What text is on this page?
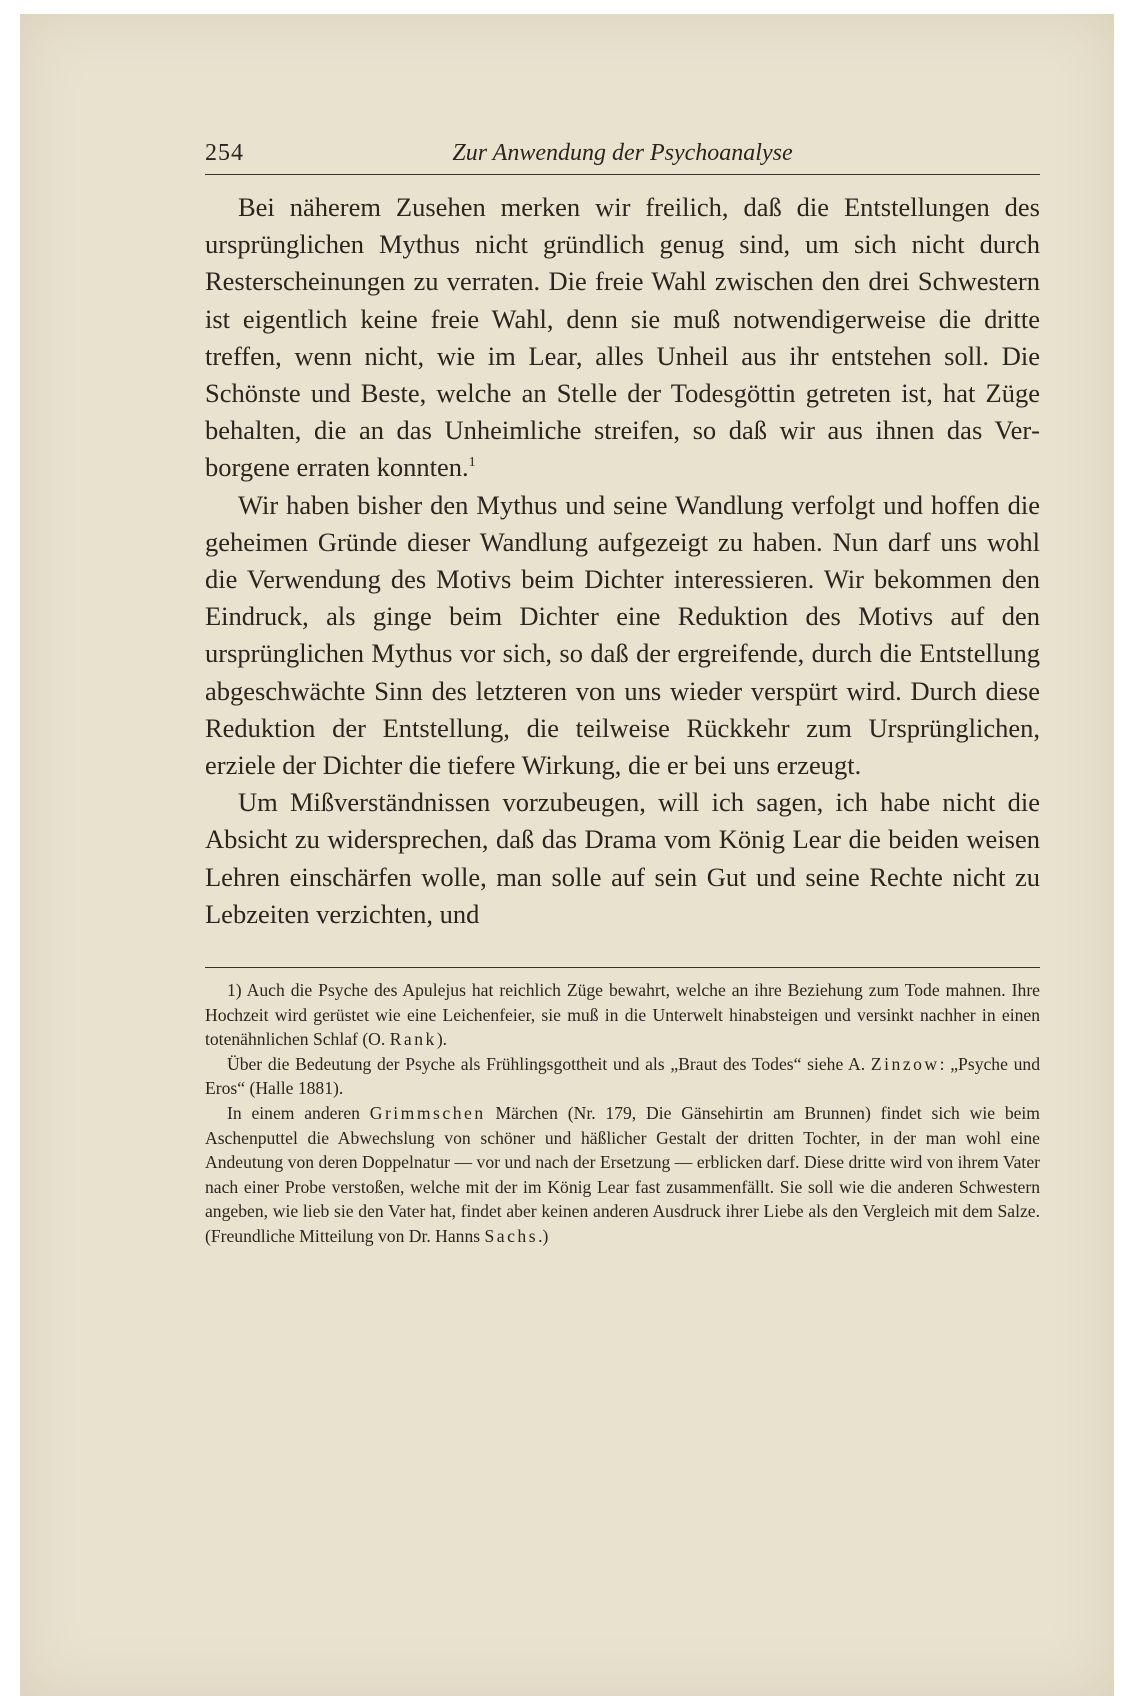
254	Zur Anwendung der Psychoanalyse

Bei näherem Zusehen merken wir freilich, daß die Entstellungen des ursprünglichen Mythus nicht gründlich genug sind, um sich nicht durch Resterscheinungen zu verraten. Die freie Wahl zwischen den drei Schwestern ist eigentlich keine freie Wahl, denn sie muß notwendigerweise die dritte treffen, wenn nicht, wie im Lear, alles Unheil aus ihr entstehen soll. Die Schönste und Beste, welche an Stelle der Todesgöttin getreten ist, hat Züge behalten, die an das Unheimliche streifen, so daß wir aus ihnen das Verborgene erraten konnten.$^1$

Wir haben bisher den Mythus und seine Wandlung verfolgt und hoffen die geheimen Gründe dieser Wandlung aufgezeigt zu haben. Nun darf uns wohl die Verwendung des Motivs beim Dichter interessieren. Wir bekommen den Eindruck, als ginge beim Dichter eine Reduktion des Motivs auf den ursprünglichen Mythus vor sich, so daß der ergreifende, durch die Entstellung abgeschwächte Sinn des letzteren von uns wieder verspürt wird. Durch diese Reduktion der Entstellung, die teilweise Rückkehr zum Ursprünglichen, erziele der Dichter die tiefere Wirkung, die er bei uns erzeugt.

Um Mißverständnissen vorzubeugen, will ich sagen, ich habe nicht die Absicht zu widersprechen, daß das Drama vom König Lear die beiden weisen Lehren einschärfen wolle, man solle auf sein Gut und seine Rechte nicht zu Lebzeiten verzichten, und

1) Auch die Psyche des Apulejus hat reichlich Züge bewahrt, welche an ihre Beziehung zum Tode mahnen. Ihre Hochzeit wird gerüstet wie eine Leichenfeier, sie muß in die Unterwelt hinabsteigen und versinkt nachher in einen totenähnlichen Schlaf (O. Rank).

Über die Bedeutung der Psyche als Frühlingsgottheit und als „Braut des Todes“ siehe A. Zinzow: „Psyche und Eros“ (Halle 1881).

In einem anderen Grimmschen Märchen (Nr. 179, Die Gänsehirtin am Brunnen) findet sich wie beim Aschenputtel die Abwechslung von schöner und häßlicher Gestalt der dritten Tochter, in der man wohl eine Andeutung von deren Doppelnatur — vor und nach der Ersetzung — erblicken darf. Diese dritte wird von ihrem Vater nach einer Probe verstoßen, welche mit der im König Lear fast zusammenfällt. Sie soll wie die anderen Schwestern angeben, wie lieb sie den Vater hat, findet aber keinen anderen Ausdruck ihrer Liebe als den Vergleich mit dem Salze. (Freundliche Mitteilung von Dr. Hanns Sachs.)
